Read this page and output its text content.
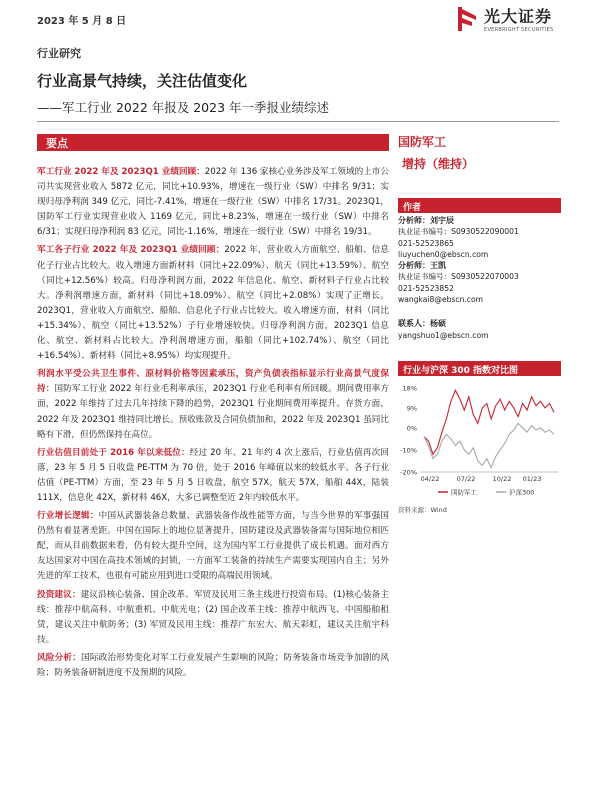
2023 年 5 月 8 日	光大证券
EVERBRIGHT SECURITIES
行业研究
行业高景气持续，关注估值变化
——军工行业 2022 年报及 2023 年一季报业绩综述
要点
军工行业 2022 年及 2023Q1 业绩回顾：2022 年 136 家核心业务涉及军工领域的上市公司共实现营业收入 5872 亿元，同比+10.93%，增速在一级行业（SW）中排名 9/31；实现归母净利润 349 亿元，同比-7.41%，增速在一级行业（SW）中排名 17/31。2023Q1，国防军工行业实现营业收入 1169 亿元，同比+8.23%，增速在一级行业（SW）中排名 6/31；实现归母净利润 83 亿元，同比-1.16%，增速在一级行业（SW）中排名 19/31。
军工各子行业 2022 年及 2023Q1 业绩回顾：2022 年，营业收入方面航空、船舶、信息化子行业占比较大。收入增速方面新材料（同比+22.09%）、航天（同比+13.59%）、航空（同比+12.56%）较高。归母净利润方面，2022 年信息化、航空、新材料子行业占比较大。净利润增速方面，新材料（同比+18.09%）、航空（同比+2.08%）实现了正增长。2023Q1，营业收入方面航空、船舶、信息化子行业占比较大。收入增速方面，材料（同比+15.34%）、航空（同比+13.52%）子行业增速较快。归母净利润方面，2023Q1 信息化、航空、新材料占比较大。净利润增速方面，船舶（同比+102.74%）、航空（同比+16.54%）、新材料（同比+8.95%）均实现提升。
利润水平受公共卫生事件、原材料价格等因素承压，资产负债表指标显示行业高景气度保持：国防军工行业 2022 年行业毛利率承压，2023Q1 行业毛利率有所回暖。期间费用率方面，2022 年维持了过去几年持续下降的趋势，2023Q1 行业期间费用率提升。存货方面，2022 年及 2023Q1 维持同比增长。预收账款及合同负债加和，2022 年及 2023Q1 虽同比略有下滑，但仍然保持在高位。
行业估值目前处于 2016 年以来低位：经过 20 年、21 年约 4 次上涨后，行业估值再次回落，23 年 5 月 5 日收盘 PE-TTM 为 70 倍，处于 2016 年峰值以来的较低水平。各子行业估值（PE-TTM）方面，至 23 年 5 月 5 日收盘，航空 57X，航天 57X，船舶 44X，陆装 111X，信息化 42X，新材料 46X，大多已调整至近 2年内较低水平。
行业增长逻辑：中国从武器装备总数量、武器装备作战性能等方面，与当今世界的军事强国仍然有着显著差距。中国在国际上的地位显著提升，国防建设及武器装备需与国际地位相匹配，而从目前数据来看，仍有较大提升空间，这为国内军工行业提供了成长机遇。面对西方友达国家对中国在高技术领域的封锁，一方面军工装备的持续生产需要实现国内自主；另外先进的军工技术，也很有可能应用到进口受限的高端民用领域。
投资建议：建议沿核心装备、国企改革、军贸及民用三条主线进行投资布局。(1)核心装备主线：推荐中航高科、中航重机、中航光电；(2) 国企改革主线：推荐中航西飞、中国船舶租赁，建议关注中航防务；(3) 军贸及民用主线：推荐广东宏大、航天彩虹，建议关注航宇科技。
风险分析：国际政治形势变化对军工行业发展产生影响的风险；防务装备市场竞争加剧的风险；防务装备研制进度不及预期的风险。
国防军工
增持（维持）
作者
分析师：刘宇辰
执业证书编号：S0930522090001
021-52523865
liuyuchen0@ebscn.com
分析师：王凯
执业证书编号：S0930522070003
021-52523852
wangkai8@ebscn.com
联系人：杨硕
yangshuo1@ebscn.com
行业与沪深 300 指数对比图
18%
9%
0%
-10%
-20%
04/22	07/22	10/22 01/23
国防军工	沪深300
资料来源：Wind
